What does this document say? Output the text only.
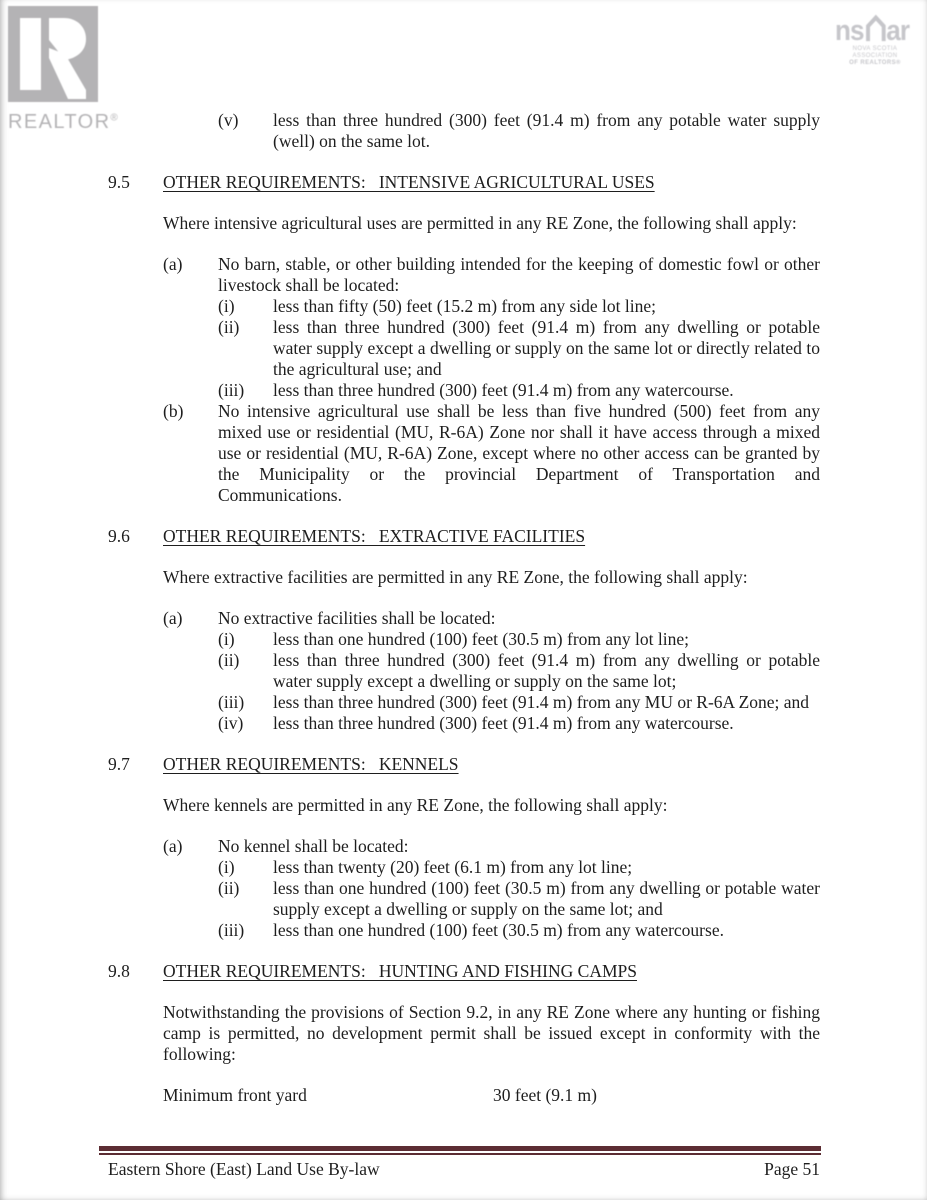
REALTOR®
ns ar
NOVA SCOTIA ASSOCIATION
OF REALTORS®
(v)	less than three hundred (300) feet (91.4 m) from any potable water supply (well) on the same lot.
9.5	OTHER REQUIREMENTS:   INTENSIVE AGRICULTURAL USES

Where intensive agricultural uses are permitted in any RE Zone, the following shall apply:

(a)	No barn, stable, or other building intended for the keeping of domestic fowl or other livestock shall be located:
(i)	less than fifty (50) feet (15.2 m) from any side lot line;
(ii)	less than three hundred (300) feet (91.4 m) from any dwelling or potable water supply except a dwelling or supply on the same lot or directly related to the agricultural use; and
(iii)	less than three hundred (300) feet (91.4 m) from any watercourse.
(b)	No intensive agricultural use shall be less than five hundred (500) feet from any mixed use or residential (MU, R-6A) Zone nor shall it have access through a mixed use or residential (MU, R-6A) Zone, except where no other access can be granted by the Municipality or the provincial Department of Transportation and Communications.
9.6	OTHER REQUIREMENTS:   EXTRACTIVE FACILITIES

Where extractive facilities are permitted in any RE Zone, the following shall apply:

(a)	No extractive facilities shall be located:
(i)	less than one hundred (100) feet (30.5 m) from any lot line;
(ii)	less than three hundred (300) feet (91.4 m) from any dwelling or potable water supply except a dwelling or supply on the same lot;
(iii)	less than three hundred (300) feet (91.4 m) from any MU or R-6A Zone; and
(iv)	less than three hundred (300) feet (91.4 m) from any watercourse.
9.7	OTHER REQUIREMENTS:   KENNELS

Where kennels are permitted in any RE Zone, the following shall apply:

(a)	No kennel shall be located:
(i)	less than twenty (20) feet (6.1 m) from any lot line;
(ii)	less than one hundred (100) feet (30.5 m) from any dwelling or potable water supply except a dwelling or supply on the same lot; and
(iii)	less than one hundred (100) feet (30.5 m) from any watercourse.
9.8	OTHER REQUIREMENTS:   HUNTING AND FISHING CAMPS

Notwithstanding the provisions of Section 9.2, in any RE Zone where any hunting or fishing camp is permitted, no development permit shall be issued except in conformity with the following:

Minimum front yard	30 feet (9.1 m)
Eastern Shore (East) Land Use By-law	Page 51
